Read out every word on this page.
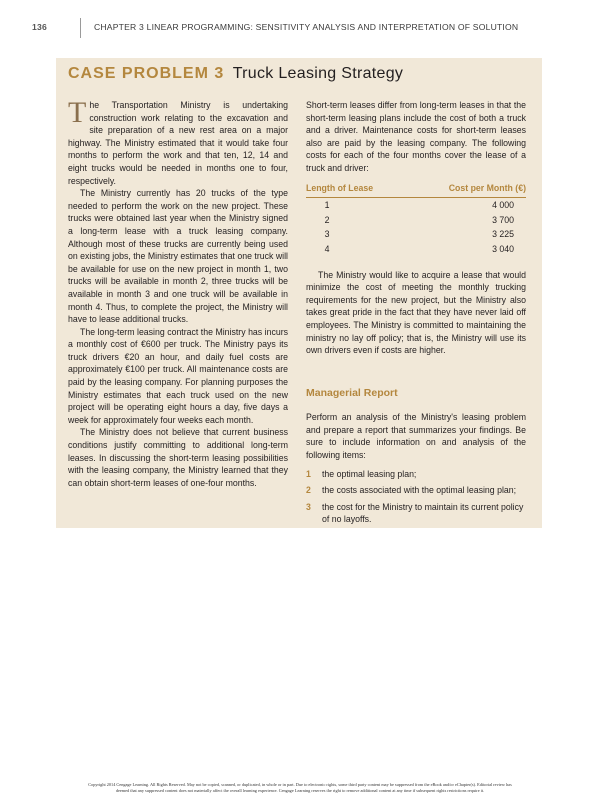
136	CHAPTER 3 LINEAR PROGRAMMING: SENSITIVITY ANALYSIS AND INTERPRETATION OF SOLUTION
CASE PROBLEM 3 Truck Leasing Strategy

The Transportation Ministry is undertaking construction work relating to the excavation and site preparation of a new rest area on a major highway. The Ministry estimated that it would take four months to perform the work and that ten, 12, 14 and eight trucks would be needed in months one to four, respectively.

The Ministry currently has 20 trucks of the type needed to perform the work on the new project. These trucks were obtained last year when the Ministry signed a long-term lease with a truck leasing company. Although most of these trucks are currently being used on existing jobs, the Ministry estimates that one truck will be available for use on the new project in month 1, two trucks will be available in month 2, three trucks will be available in month 3 and one truck will be available in month 4. Thus, to complete the project, the Ministry will have to lease additional trucks.

The long-term leasing contract the Ministry has incurs a monthly cost of €600 per truck. The Ministry pays its truck drivers €20 an hour, and daily fuel costs are approximately €100 per truck. All maintenance costs are paid by the leasing company. For planning purposes the Ministry estimates that each truck used on the new project will be operating eight hours a day, five days a week for approximately four weeks each month.

The Ministry does not believe that current business conditions justify committing to additional long-term leases. In discussing the short-term leasing possibilities with the leasing company, the Ministry learned that they can obtain short-term leases of one-four months.

Short-term leases differ from long-term leases in that the short-term leasing plans include the cost of both a truck and a driver. Maintenance costs for short-term leases also are paid by the leasing company. The following costs for each of the four months cover the lease of a truck and driver:

Length of Lease	Cost per Month (€)
1	4 000
2	3 700
3	3 225
4	3 040

The Ministry would like to acquire a lease that would minimize the cost of meeting the monthly trucking requirements for the new project, but the Ministry also takes great pride in the fact that they have never laid off employees. The Ministry is committed to maintaining the ministry no lay off policy; that is, the Ministry will use its own drivers even if costs are higher.

Managerial Report

Perform an analysis of the Ministry's leasing problem and prepare a report that summarizes your findings. Be sure to include information on and analysis of the following items:

1 the optimal leasing plan;
2 the costs associated with the optimal leasing plan;
3 the cost for the Ministry to maintain its current policy of no layoffs.
Copyright 2014 Cengage Learning. All Rights Reserved. May not be copied, scanned, or duplicated, in whole or in part. Due to electronic rights, some third party content may be suppressed from the eBook and/or eChapter(s). Editorial review has
deemed that any suppressed content does not materially affect the overall learning experience. Cengage Learning reserves the right to remove additional content at any time if subsequent rights restrictions require it.
